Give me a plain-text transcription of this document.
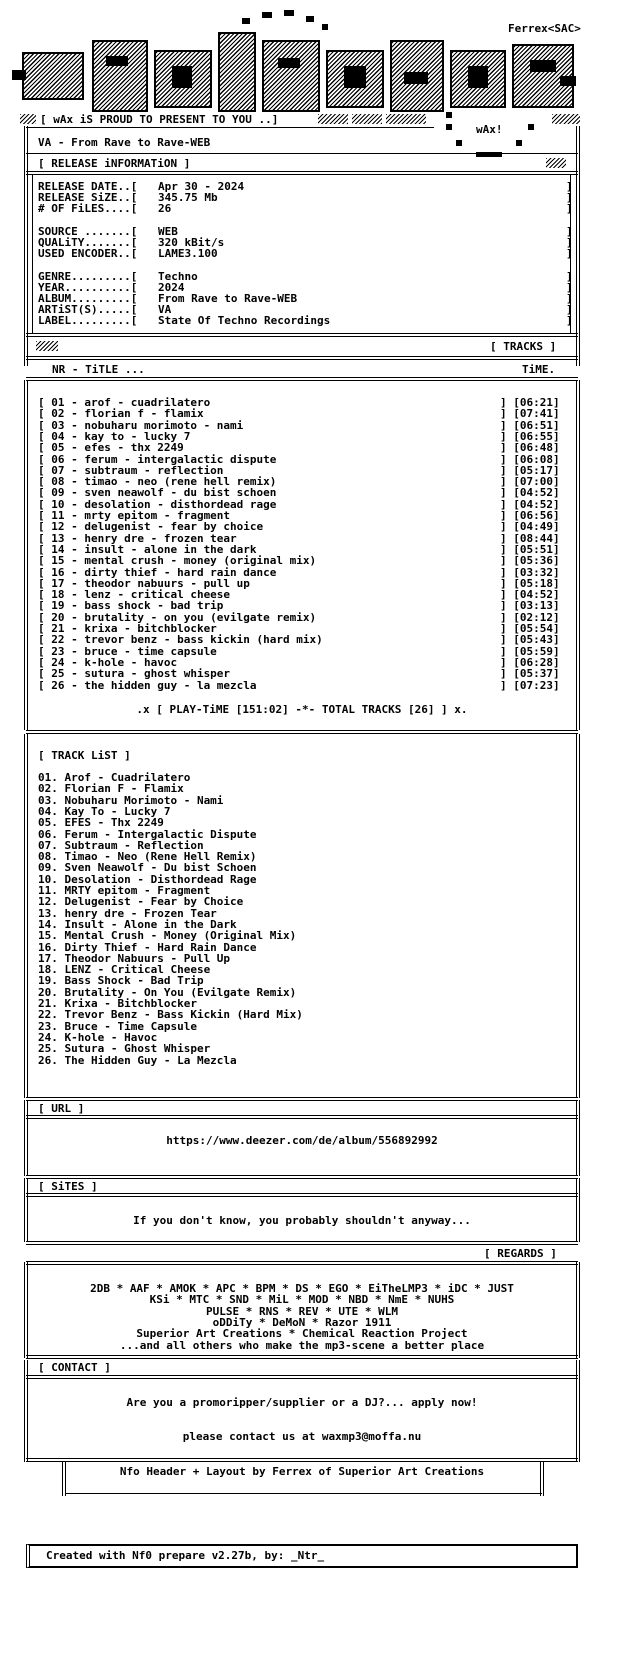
Ferrex<SAC>
[ wAx iS PROUD TO PRESENT TO YOU ..]
wAx!
VA - From Rave to Rave-WEB
[ RELEASE iNFORMATiON ]
RELEASE DATE..[ Apr 30 - 2024	]
RELEASE SiZE..[ 345.75 Mb	]
# OF FiLES....[ 26	]
SOURCE .......[ WEB	]
QUALiTY.......[ 320 kBit/s	]
USED ENCODER..[ LAME3.100	]
GENRE.........[ Techno	]
YEAR..........[ 2024	]
ALBUM.........[ From Rave to Rave-WEB	]
ARTiST(S).....[ VA	]
LABEL.........[ State Of Techno Recordings	]
[ TRACKS ]
NR - TiTLE ...	TiME.
[ 01 - arof - cuadrilatero	] [06:21]
[ 02 - florian f - flamix	] [07:41]
[ 03 - nobuharu morimoto - nami	] [06:51]
[ 04 - kay to - lucky 7	] [06:55]
[ 05 - efes - thx 2249	] [06:48]
[ 06 - ferum - intergalactic dispute	] [06:08]
[ 07 - subtraum - reflection	] [05:17]
[ 08 - timao - neo (rene hell remix)	] [07:00]
[ 09 - sven neawolf - du bist schoen	] [04:52]
[ 10 - desolation - disthordead rage	] [04:52]
[ 11 - mrty epitom - fragment	] [06:56]
[ 12 - delugenist - fear by choice	] [04:49]
[ 13 - henry dre - frozen tear	] [08:44]
[ 14 - insult - alone in the dark	] [05:51]
[ 15 - mental crush - money (original mix)	] [05:36]
[ 16 - dirty thief - hard rain dance	] [03:32]
[ 17 - theodor nabuurs - pull up	] [05:18]
[ 18 - lenz - critical cheese	] [04:52]
[ 19 - bass shock - bad trip	] [03:13]
[ 20 - brutality - on you (evilgate remix)	] [02:12]
[ 21 - krixa - bitchblocker	] [05:54]
[ 22 - trevor benz - bass kickin (hard mix)	] [05:43]
[ 23 - bruce - time capsule	] [05:59]
[ 24 - k-hole - havoc	] [06:28]
[ 25 - sutura - ghost whisper	] [05:37]
[ 26 - the hidden guy - la mezcla	] [07:23]
.x [ PLAY-TiME [151:02] -*- TOTAL TRACKS [26] ] x.
[ TRACK LiST ]
01. Arof - Cuadrilatero
02. Florian F - Flamix
03. Nobuharu Morimoto - Nami
04. Kay To - Lucky 7
05. EFES - Thx 2249
06. Ferum - Intergalactic Dispute
07. Subtraum - Reflection
08. Timao - Neo (Rene Hell Remix)
09. Sven Neawolf - Du bist Schoen
10. Desolation - Disthordead Rage
11. MRTY epitom - Fragment
12. Delugenist - Fear by Choice
13. henry dre - Frozen Tear
14. Insult - Alone in the Dark
15. Mental Crush - Money (Original Mix)
16. Dirty Thief - Hard Rain Dance
17. Theodor Nabuurs - Pull Up
18. LENZ - Critical Cheese
19. Bass Shock - Bad Trip
20. Brutality - On You (Evilgate Remix)
21. Krixa - Bitchblocker
22. Trevor Benz - Bass Kickin (Hard Mix)
23. Bruce - Time Capsule
24. K-hole - Havoc
25. Sutura - Ghost Whisper
26. The Hidden Guy - La Mezcla
[ URL ]
https://www.deezer.com/de/album/556892992
[ SiTES ]
If you don't know, you probably shouldn't anyway...
[ REGARDS ]
2DB * AAF * AMOK * APC * BPM * DS * EGO * EiTheLMP3 * iDC * JUST
KSi * MTC * SND * MiL * MOD * NBD * NmE * NUHS
PULSE * RNS * REV * UTE * WLM
oDDiTy * DeMoN * Razor 1911
Superior Art Creations * Chemical Reaction Project
...and all others who make the mp3-scene a better place
[ CONTACT ]
Are you a promoripper/supplier or a DJ?... apply now!
please contact us at waxmp3@moffa.nu
Nfo Header + Layout by Ferrex of Superior Art Creations
Created with Nf0 prepare v2.27b, by: _Ntr_
